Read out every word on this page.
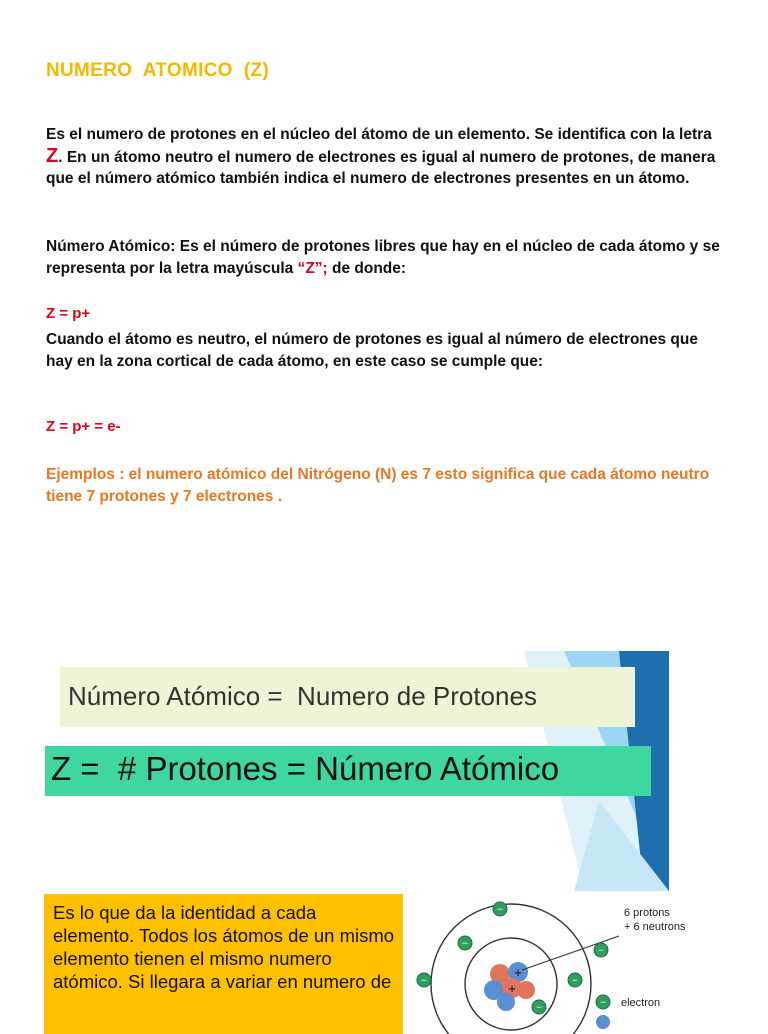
NUMERO  ATOMICO  (Z)

Es el numero de protones en el núcleo del átomo de un elemento. Se identifica con la letra Z. En un átomo neutro el numero de electrones es igual al numero de protones, de manera que el número atómico también indica el numero de electrones presentes en un átomo.

Número Atómico: Es el número de protones libres que hay en el núcleo de cada átomo y se representa por la letra mayúscula “Z”; de donde:

Z = p+

Cuando el átomo es neutro, el número de protones es igual al número de electrones que hay en la zona cortical de cada átomo, en este caso se cumple que:

Z = p+ = e-

Ejemplos : el numero atómico del Nitrógeno (N) es 7 esto significa que cada átomo neutro tiene 7 protones y 7 electrones .

Número Atómico =  Numero de Protones
Z =  # Protones = Número Atómico

Es lo que da la identidad a cada elemento. Todos los átomos de un mismo elemento tienen el mismo numero atómico. Si llegara a variar en numero de	+
+
−
−
−	−
−
−
−
6 protons
+ 6 neutrons
electron
